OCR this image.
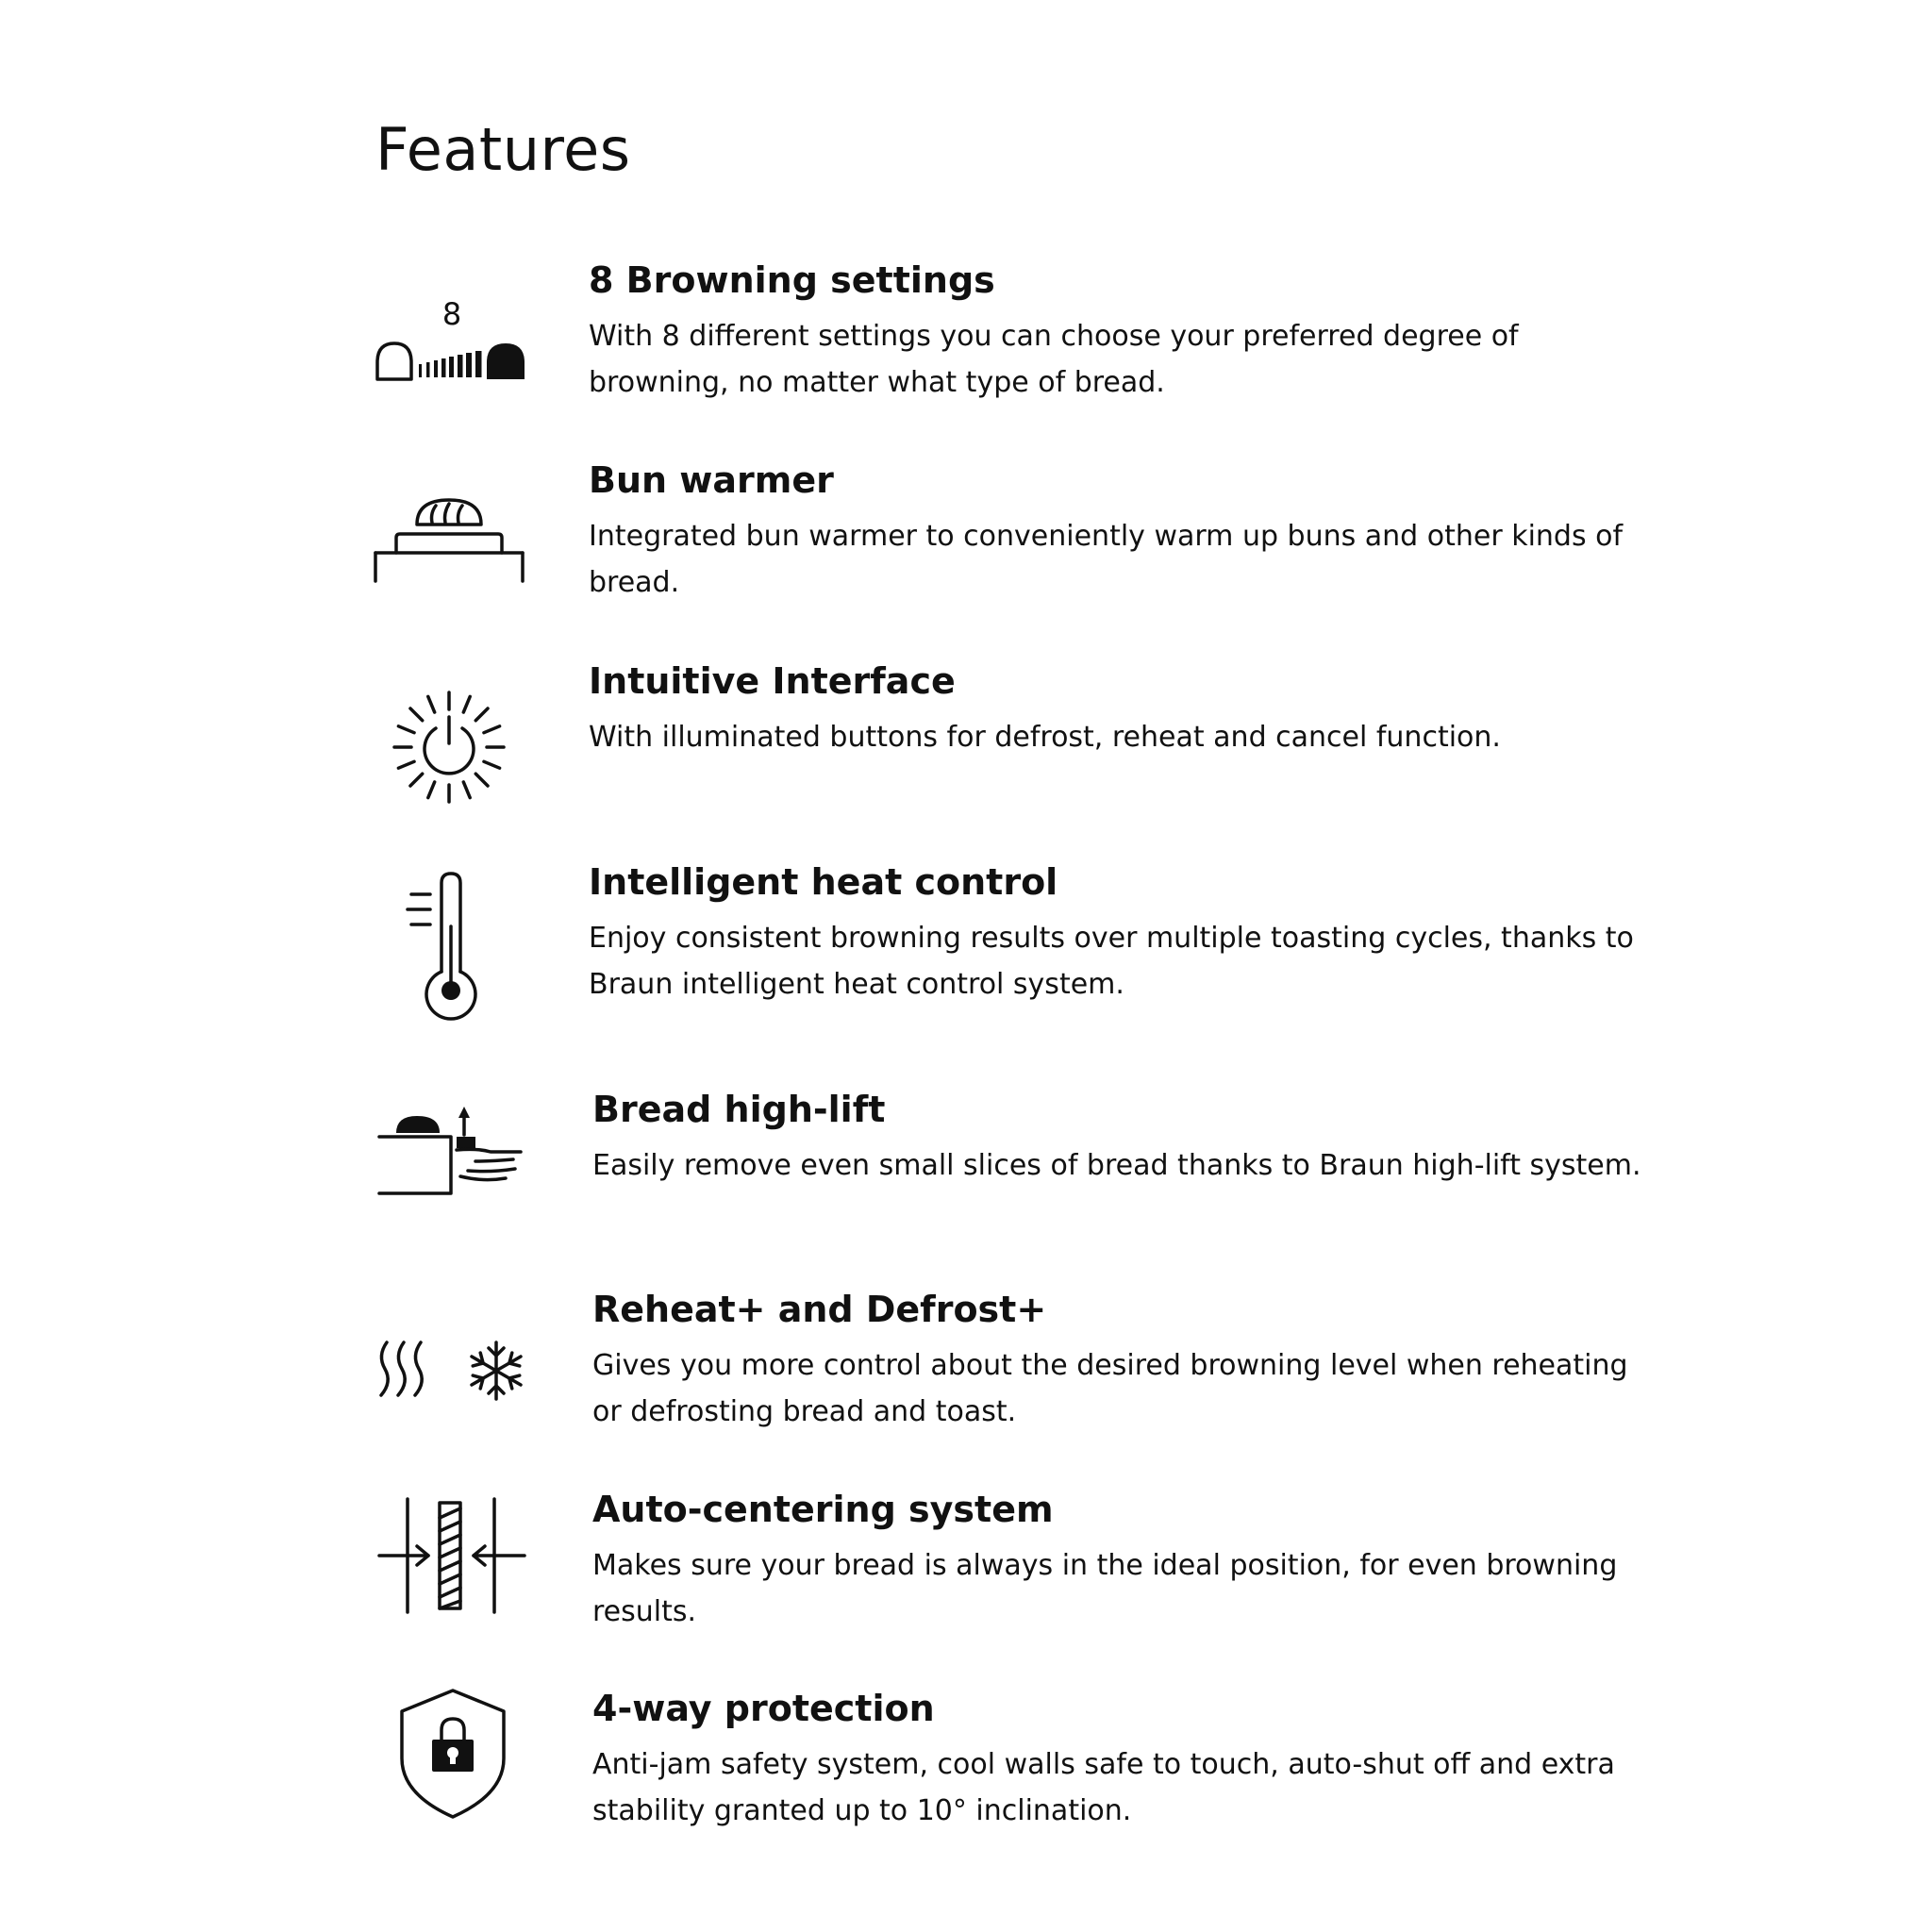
Features
8
8 Browning settings

With 8 different settings you can choose your preferred degree of browning, no matter what type of bread.

Bun warmer

Integrated bun warmer to conveniently warm up buns and other kinds of bread.

Intuitive Interface

With illuminated buttons for defrost, reheat and cancel function.

Intelligent heat control

Enjoy consistent browning results over multiple toasting cycles, thanks to Braun intelligent heat control system.

Bread high-lift

Easily remove even small slices of bread thanks to Braun high-lift system.

Reheat+ and Defrost+

Gives you more control about the desired browning level when reheating or defrosting bread and toast.

Auto-centering system

Makes sure your bread is always in the ideal position, for even browning results.

4-way protection

Anti-jam safety system, cool walls safe to touch, auto-shut off and extra stability granted up to 10° inclination.
